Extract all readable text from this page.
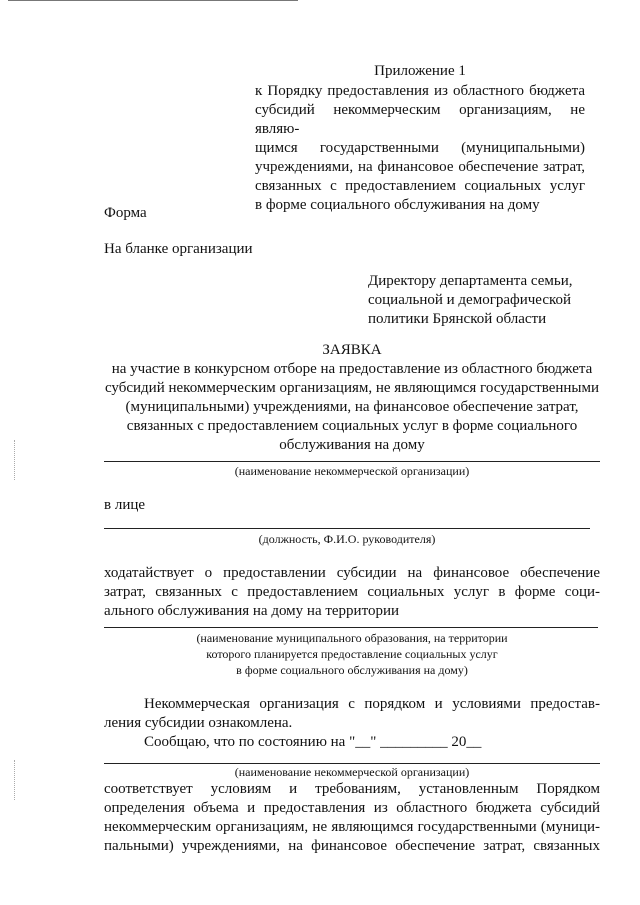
Приложение 1
к Порядку предоставления из областного бюджета
субсидий некоммерческим организациям, не являю-
щимся государственными (муниципальными)
учреждениями, на финансовое обеспечение затрат,
связанных с предоставлением социальных услуг
в форме социального обслуживания на дому
Форма
На бланке организации
Директору департамента семьи,
социальной и демографической
политики Брянской области
ЗАЯВКА
на участие в конкурсном отборе на предоставление из областного бюджета
субсидий некоммерческим организациям, не являющимся государственными
(муниципальными) учреждениями, на финансовое обеспечение затрат,
связанных с предоставлением социальных услуг в форме социального
обслуживания на дому
(наименование некоммерческой организации)
в лице
(должность, Ф.И.О. руководителя)
ходатайствует о предоставлении субсидии на финансовое обеспечение
затрат, связанных с предоставлением социальных услуг в форме соци-
ального обслуживания на дому на территории
(наименование муниципального образования, на территории
которого планируется предоставление социальных услуг
в форме социального обслуживания на дому)
Некоммерческая организация с порядком и условиями предостав-
ления субсидии ознакомлена.
Сообщаю, что по состоянию на "__" _________ 20__
(наименование некоммерческой организации)
соответствует условиям и требованиям, установленным Порядком
определения объема и предоставления из областного бюджета субсидий
некоммерческим организациям, не являющимся государственными (муници-
пальными) учреждениями, на финансовое обеспечение затрат, связанных
